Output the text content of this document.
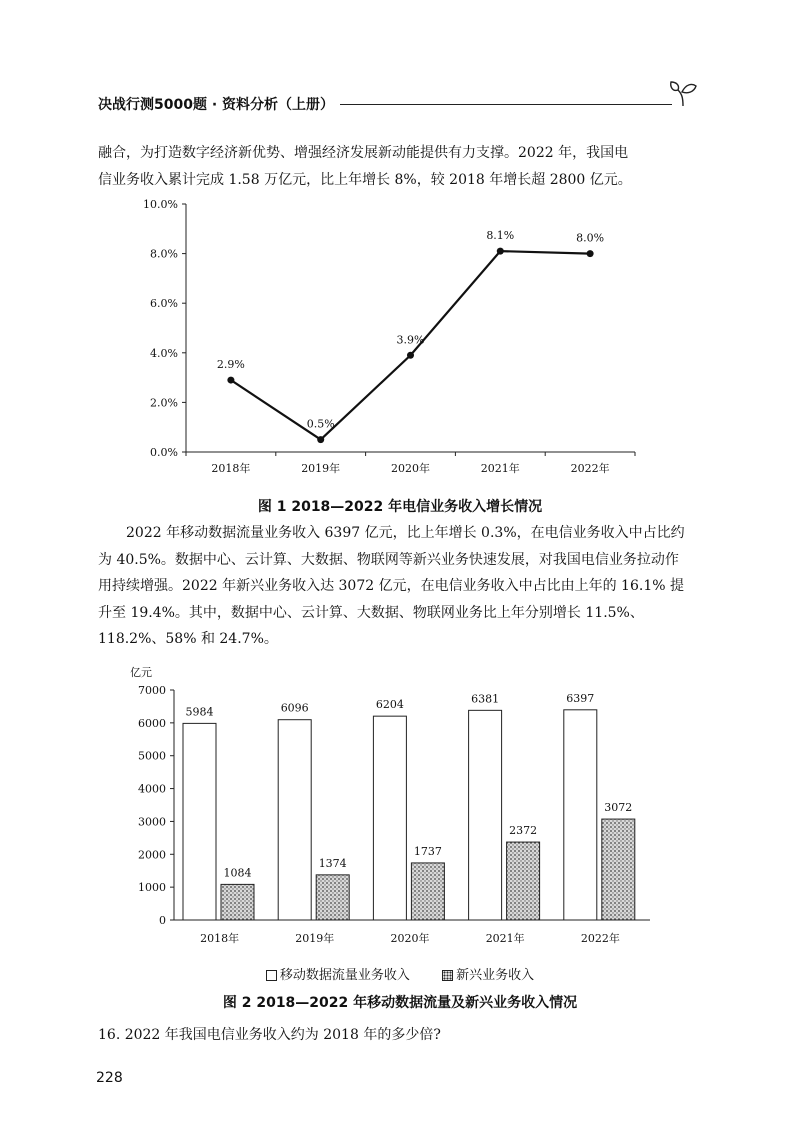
决战行测5000题 · 资料分析（上册）
融合，为打造数字经济新优势、增强经济发展新动能提供有力支撑。2022 年，我国电
信业务收入累计完成 1.58 万亿元，比上年增长 8%，较 2018 年增长超 2800 亿元。
0.0%
2.0%
4.0%
6.0%
8.0%
10.0%
2018年	2019年	2020年	2021年	2022年
2.9%
0.5%
3.9%
8.1%	8.0%
图 1 2018—2022 年电信业务收入增长情况
2022 年移动数据流量业务收入 6397 亿元，比上年增长 0.3%，在电信业务收入中占比约为 40.5%。数据中心、云计算、大数据、物联网等新兴业务快速发展，对我国电信业务拉动作用持续增强。2022 年新兴业务收入达 3072 亿元，在电信业务收入中占比由上年的 16.1% 提升至 19.4%。其中，数据中心、云计算、大数据、物联网业务比上年分别增长 11.5%、118.2%、58% 和 24.7%。
亿元
0
1000
2000
3000
4000
5000
6000
7000
5984
1084
2018年
6096
1374
2019年
6204
1737
2020年
6381
2372
2021年
6397
3072
2022年
移动数据流量业务收入	新兴业务收入
图 2 2018—2022 年移动数据流量及新兴业务收入情况
16. 2022 年我国电信业务收入约为 2018 年的多少倍?
228
